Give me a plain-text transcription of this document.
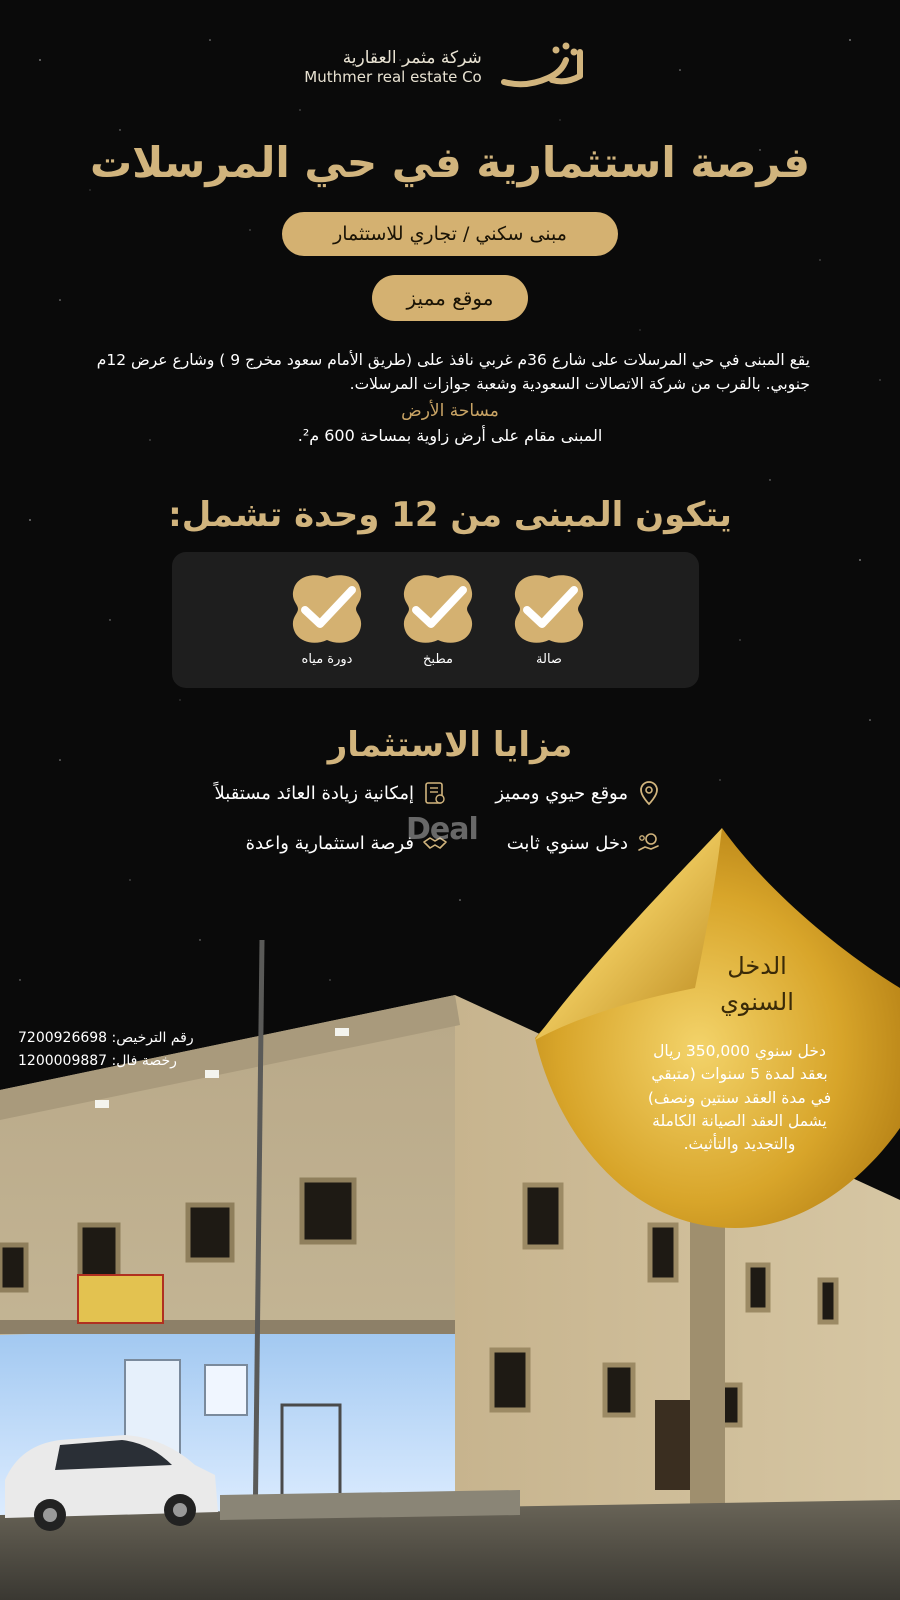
شركة مثمر العقارية
Muthmer real estate Co
فرصة استثمارية في حي المرسلات
مبنى سكني / تجاري للاستثمار
موقع مميز
يقع المبنى في حي المرسلات على شارع 36م غربي نافذ على (طريق الأمام سعود مخرج 9 ) وشارع عرض 12م جنوبي. بالقرب من شركة الاتصالات السعودية وشعبة جوازات المرسلات.
مساحة الأرض
المبنى مقام على أرض زاوية بمساحة 600 م².
يتكون المبنى من 12 وحدة تشمل:
صالة
مطبخ
دورة مياه
مزايا الاستثمار
موقع حيوي ومميز
إمكانية زيادة العائد مستقبلاً
دخل سنوي ثابت
فرصة استثمارية واعدة
Deal
رقم الترخيص: 7200926698
رخصة فال: 1200009887
الدخل
السنوي
دخل سنوي 350,000 ريال
بعقد لمدة 5 سنوات (متبقي
في مدة العقد سنتين ونصف)
يشمل العقد الصيانة الكاملة
والتجديد والتأثيث.
